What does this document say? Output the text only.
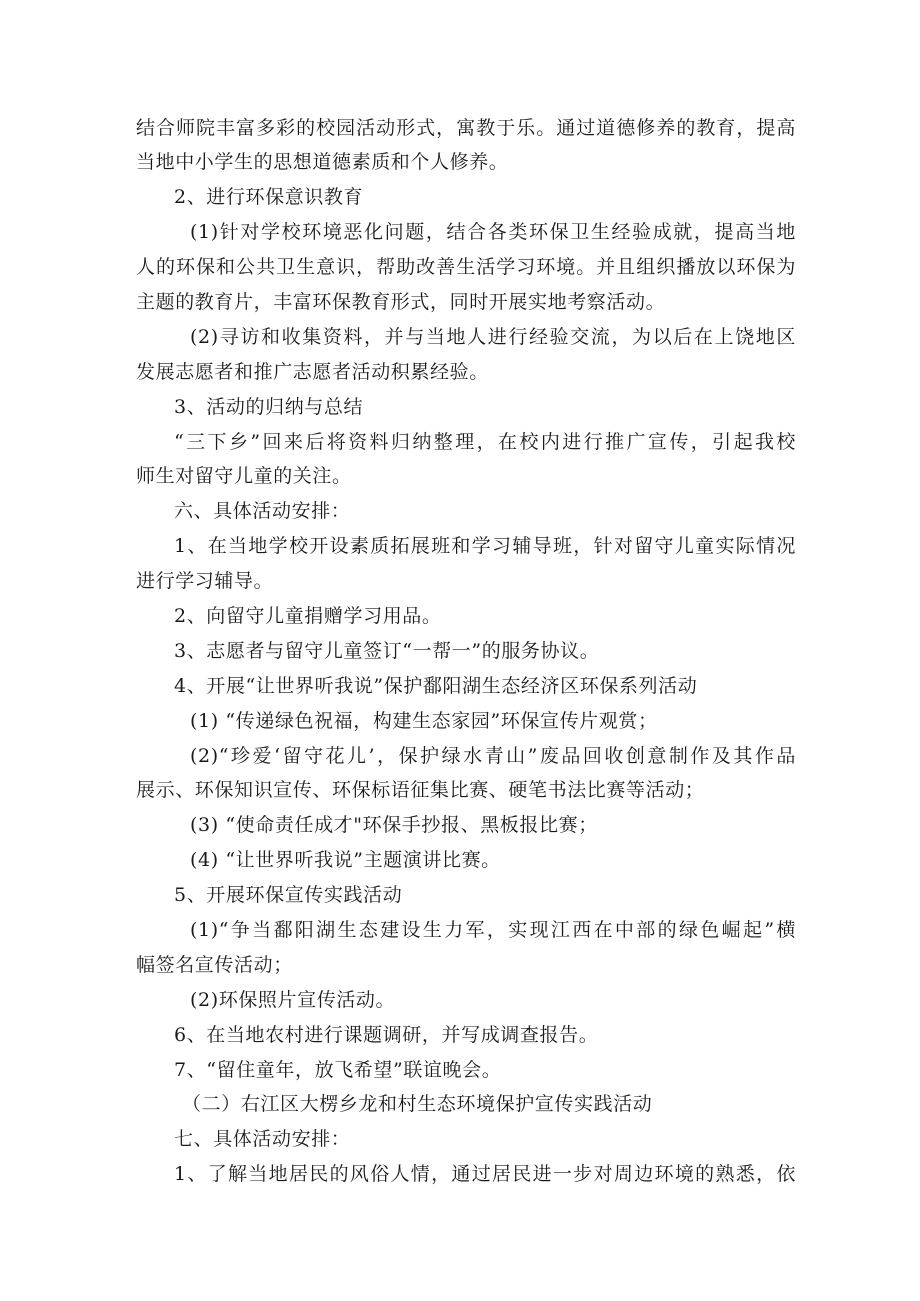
结合师院丰富多彩的校园活动形式，寓教于乐。通过道德修养的教育，提高
当地中小学生的思想道德素质和个人修养。
2、进行环保意识教育
(1)针对学校环境恶化问题，结合各类环保卫生经验成就，提高当地
人的环保和公共卫生意识，帮助改善生活学习环境。并且组织播放以环保为
主题的教育片，丰富环保教育形式，同时开展实地考察活动。
(2)寻访和收集资料，并与当地人进行经验交流，为以后在上饶地区
发展志愿者和推广志愿者活动积累经验。
3、活动的归纳与总结
“三下乡”回来后将资料归纳整理，在校内进行推广宣传，引起我校
师生对留守儿童的关注。
六、具体活动安排：
1、在当地学校开设素质拓展班和学习辅导班，针对留守儿童实际情况
进行学习辅导。
2、向留守儿童捐赠学习用品。
3、志愿者与留守儿童签订“一帮一”的服务协议。
4、开展“让世界听我说”保护鄱阳湖生态经济区环保系列活动
(1) “传递绿色祝福，构建生态家园”环保宣传片观赏；
(2)“珍爱‘留守花儿’，保护绿水青山”废品回收创意制作及其作品
展示、环保知识宣传、环保标语征集比赛、硬笔书法比赛等活动；
(3) “使命责任成才"环保手抄报、黑板报比赛；
(4) “让世界听我说”主题演讲比赛。
5、开展环保宣传实践活动
(1)“争当鄱阳湖生态建设生力军，实现江西在中部的绿色崛起”横
幅签名宣传活动；
(2)环保照片宣传活动。
6、在当地农村进行课题调研，并写成调查报告。
7、“留住童年，放飞希望”联谊晚会。
（二）右江区大楞乡龙和村生态环境保护宣传实践活动
七、具体活动安排：
1、了解当地居民的风俗人情，通过居民进一步对周边环境的熟悉，依
